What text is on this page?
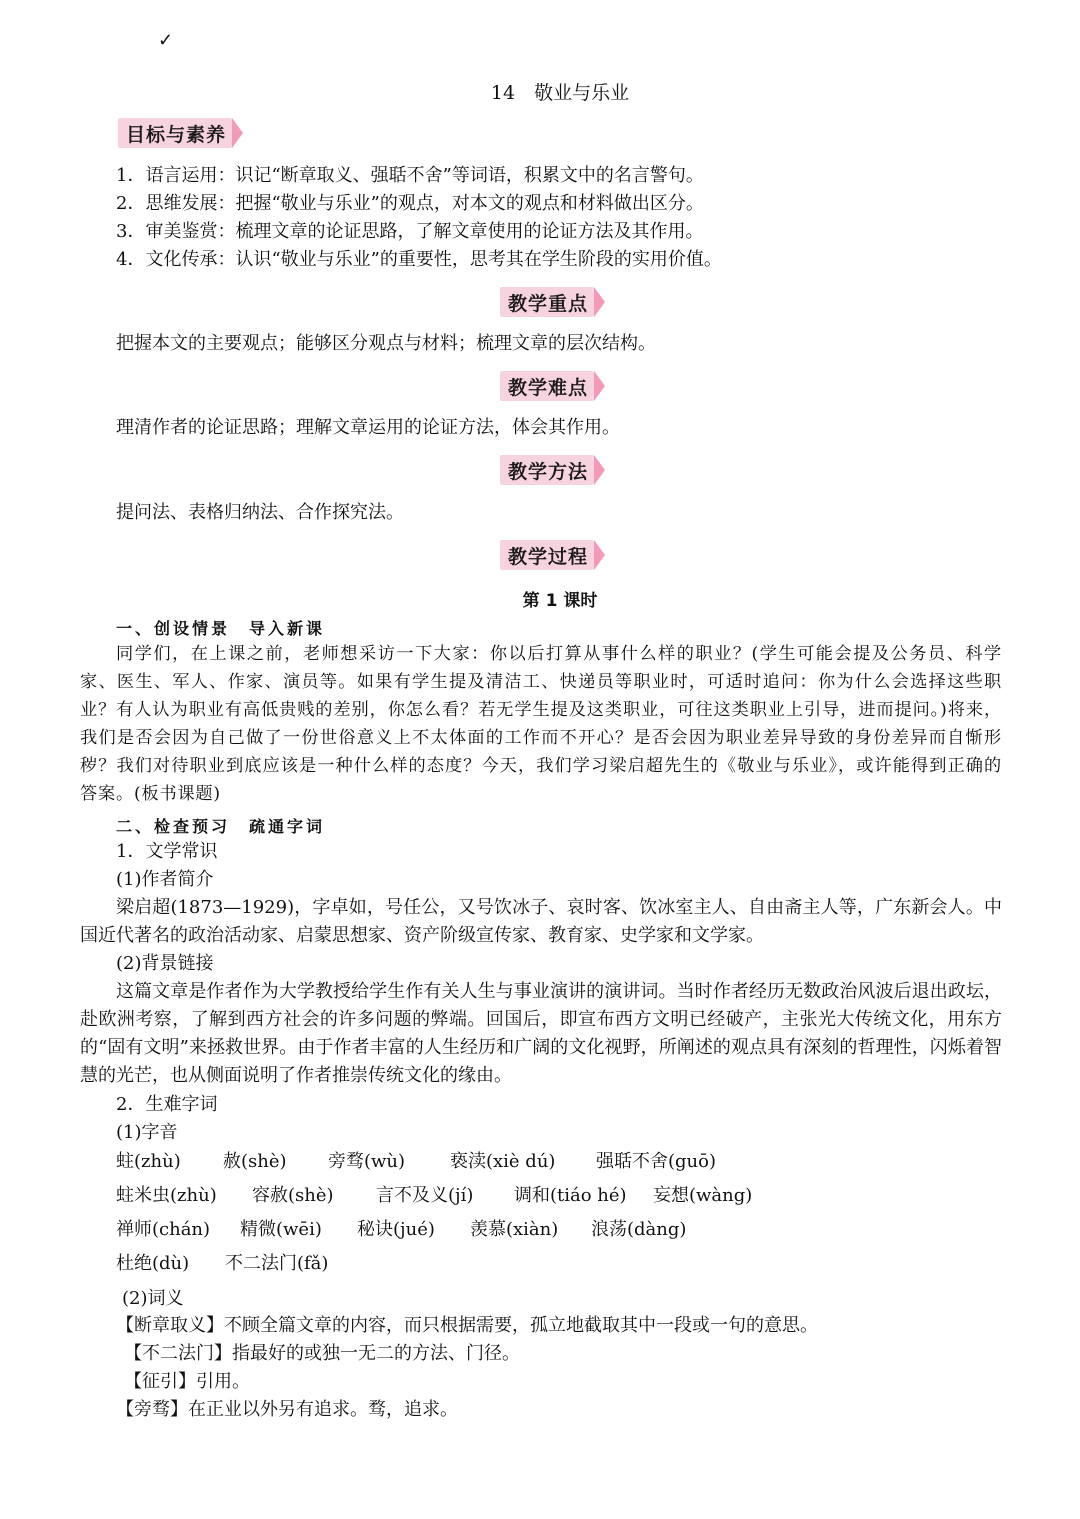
✓
14　敬业与乐业
目标与素养
1．语言运用：识记“断章取义、强聒不舍”等词语，积累文中的名言警句。
2．思维发展：把握“敬业与乐业”的观点，对本文的观点和材料做出区分。
3．审美鉴赏：梳理文章的论证思路，了解文章使用的论证方法及其作用。
4．文化传承：认识“敬业与乐业”的重要性，思考其在学生阶段的实用价值。
教学重点
把握本文的主要观点；能够区分观点与材料；梳理文章的层次结构。
教学难点
理清作者的论证思路；理解文章运用的论证方法，体会其作用。
教学方法
提问法、表格归纳法、合作探究法。
教学过程
第 1 课时
一、创设情景　导入新课
同学们，在上课之前，老师想采访一下大家：你以后打算从事什么样的职业？(学生可能会提及公务员、科学家、医生、军人、作家、演员等。如果有学生提及清洁工、快递员等职业时，可适时追问：你为什么会选择这些职业？有人认为职业有高低贵贱的差别，你怎么看？若无学生提及这类职业，可往这类职业上引导，进而提问。)将来，我们是否会因为自己做了一份世俗意义上不太体面的工作而不开心？是否会因为职业差异导致的身份差异而自惭形秽？我们对待职业到底应该是一种什么样的态度？今天，我们学习梁启超先生的《敬业与乐业》，或许能得到正确的答案。(板书课题)
二、检查预习　疏通字词
1．文学常识
(1)作者简介
梁启超(1873—1929)，字卓如，号任公，又号饮冰子、哀时客、饮冰室主人、自由斋主人等，广东新会人。中国近代著名的政治活动家、启蒙思想家、资产阶级宣传家、教育家、史学家和文学家。
(2)背景链接
这篇文章是作者作为大学教授给学生作有关人生与事业演讲的演讲词。当时作者经历无数政治风波后退出政坛，赴欧洲考察，了解到西方社会的许多问题的弊端。回国后，即宣布西方文明已经破产，主张光大传统文化，用东方的“固有文明”来拯救世界。由于作者丰富的人生经历和广阔的文化视野，所阐述的观点具有深刻的哲理性，闪烁着智慧的光芒，也从侧面说明了作者推崇传统文化的缘由。
2．生难字词
(1)字音
蛀(zhù) 赦(shè) 旁骛(wù) 亵渎(xiè dú) 强聒不舍(guō)
蛀米虫(zhù) 容赦(shè) 言不及义(jí) 调和(tiáo hé) 妄想(wàng)
禅师(chán) 精微(wēi) 秘诀(jué) 羡慕(xiàn) 浪荡(dàng)
杜绝(dù) 不二法门(fǎ)
(2)词义
【断章取义】不顾全篇文章的内容，而只根据需要，孤立地截取其中一段或一句的意思。
【不二法门】指最好的或独一无二的方法、门径。
【征引】引用。
【旁骛】在正业以外另有追求。骛，追求。
